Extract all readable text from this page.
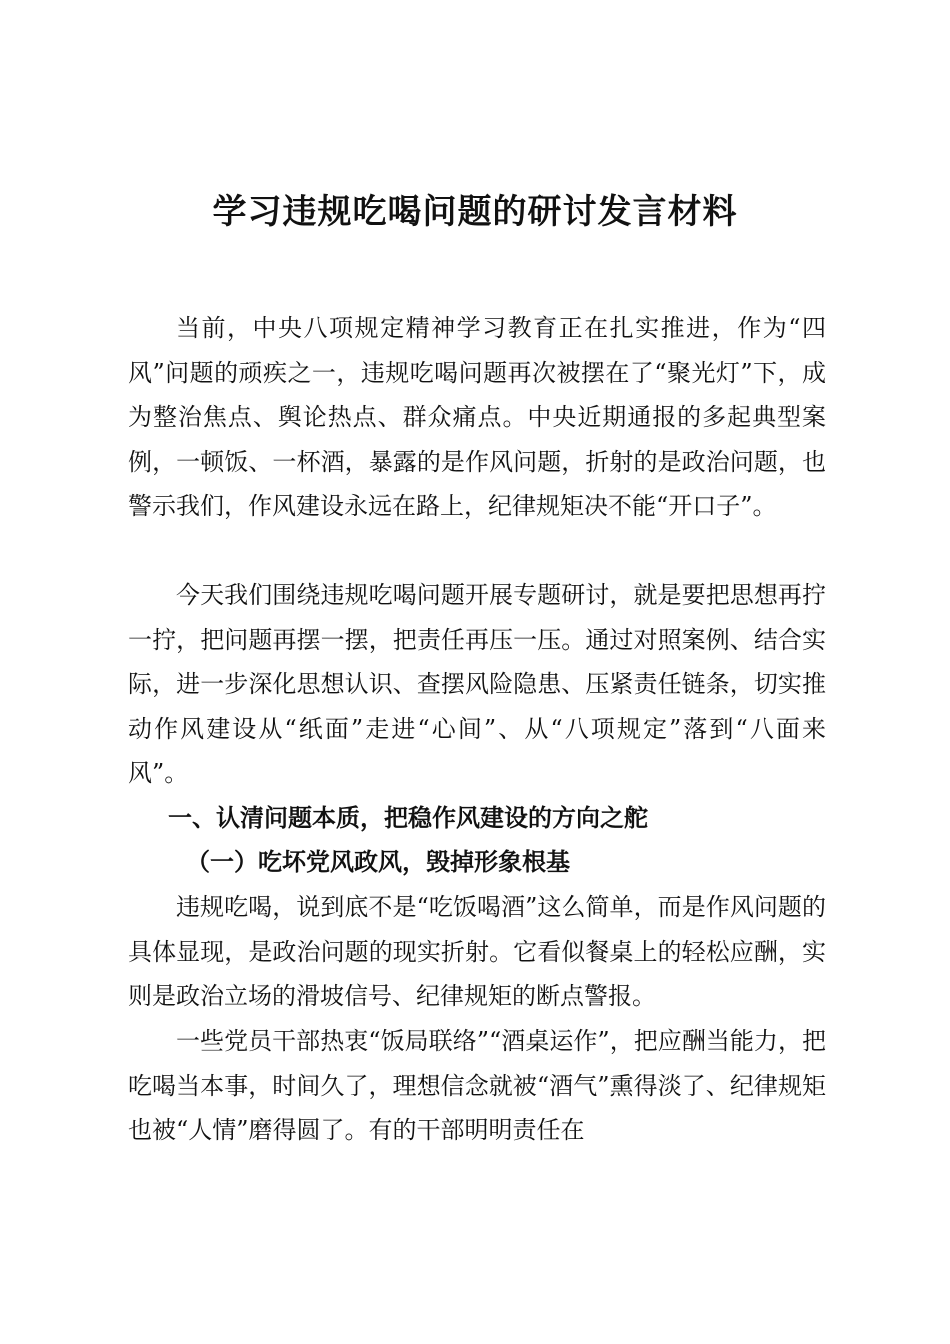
学习违规吃喝问题的研讨发言材料

当前，中央八项规定精神学习教育正在扎实推进，作为“四风”问题的顽疾之一，违规吃喝问题再次被摆在了“聚光灯”下，成为整治焦点、舆论热点、群众痛点。中央近期通报的多起典型案例，一顿饭、一杯酒，暴露的是作风问题，折射的是政治问题，也警示我们，作风建设永远在路上，纪律规矩决不能“开口子”。

今天我们围绕违规吃喝问题开展专题研讨，就是要把思想再拧一拧，把问题再摆一摆，把责任再压一压。通过对照案例、结合实际，进一步深化思想认识、查摆风险隐患、压紧责任链条，切实推动作风建设从“纸面”走进“心间”、从“八项规定”落到“八面来风”。

一、认清问题本质，把稳作风建设的方向之舵
（一）吃坏党风政风，毁掉形象根基

违规吃喝，说到底不是“吃饭喝酒”这么简单，而是作风问题的具体显现，是政治问题的现实折射。它看似餐桌上的轻松应酬，实则是政治立场的滑坡信号、纪律规矩的断点警报。

一些党员干部热衷“饭局联络”“酒桌运作”，把应酬当能力，把吃喝当本事，时间久了，理想信念就被“酒气”熏得淡了、纪律规矩也被“人情”磨得圆了。有的干部明明责任在
